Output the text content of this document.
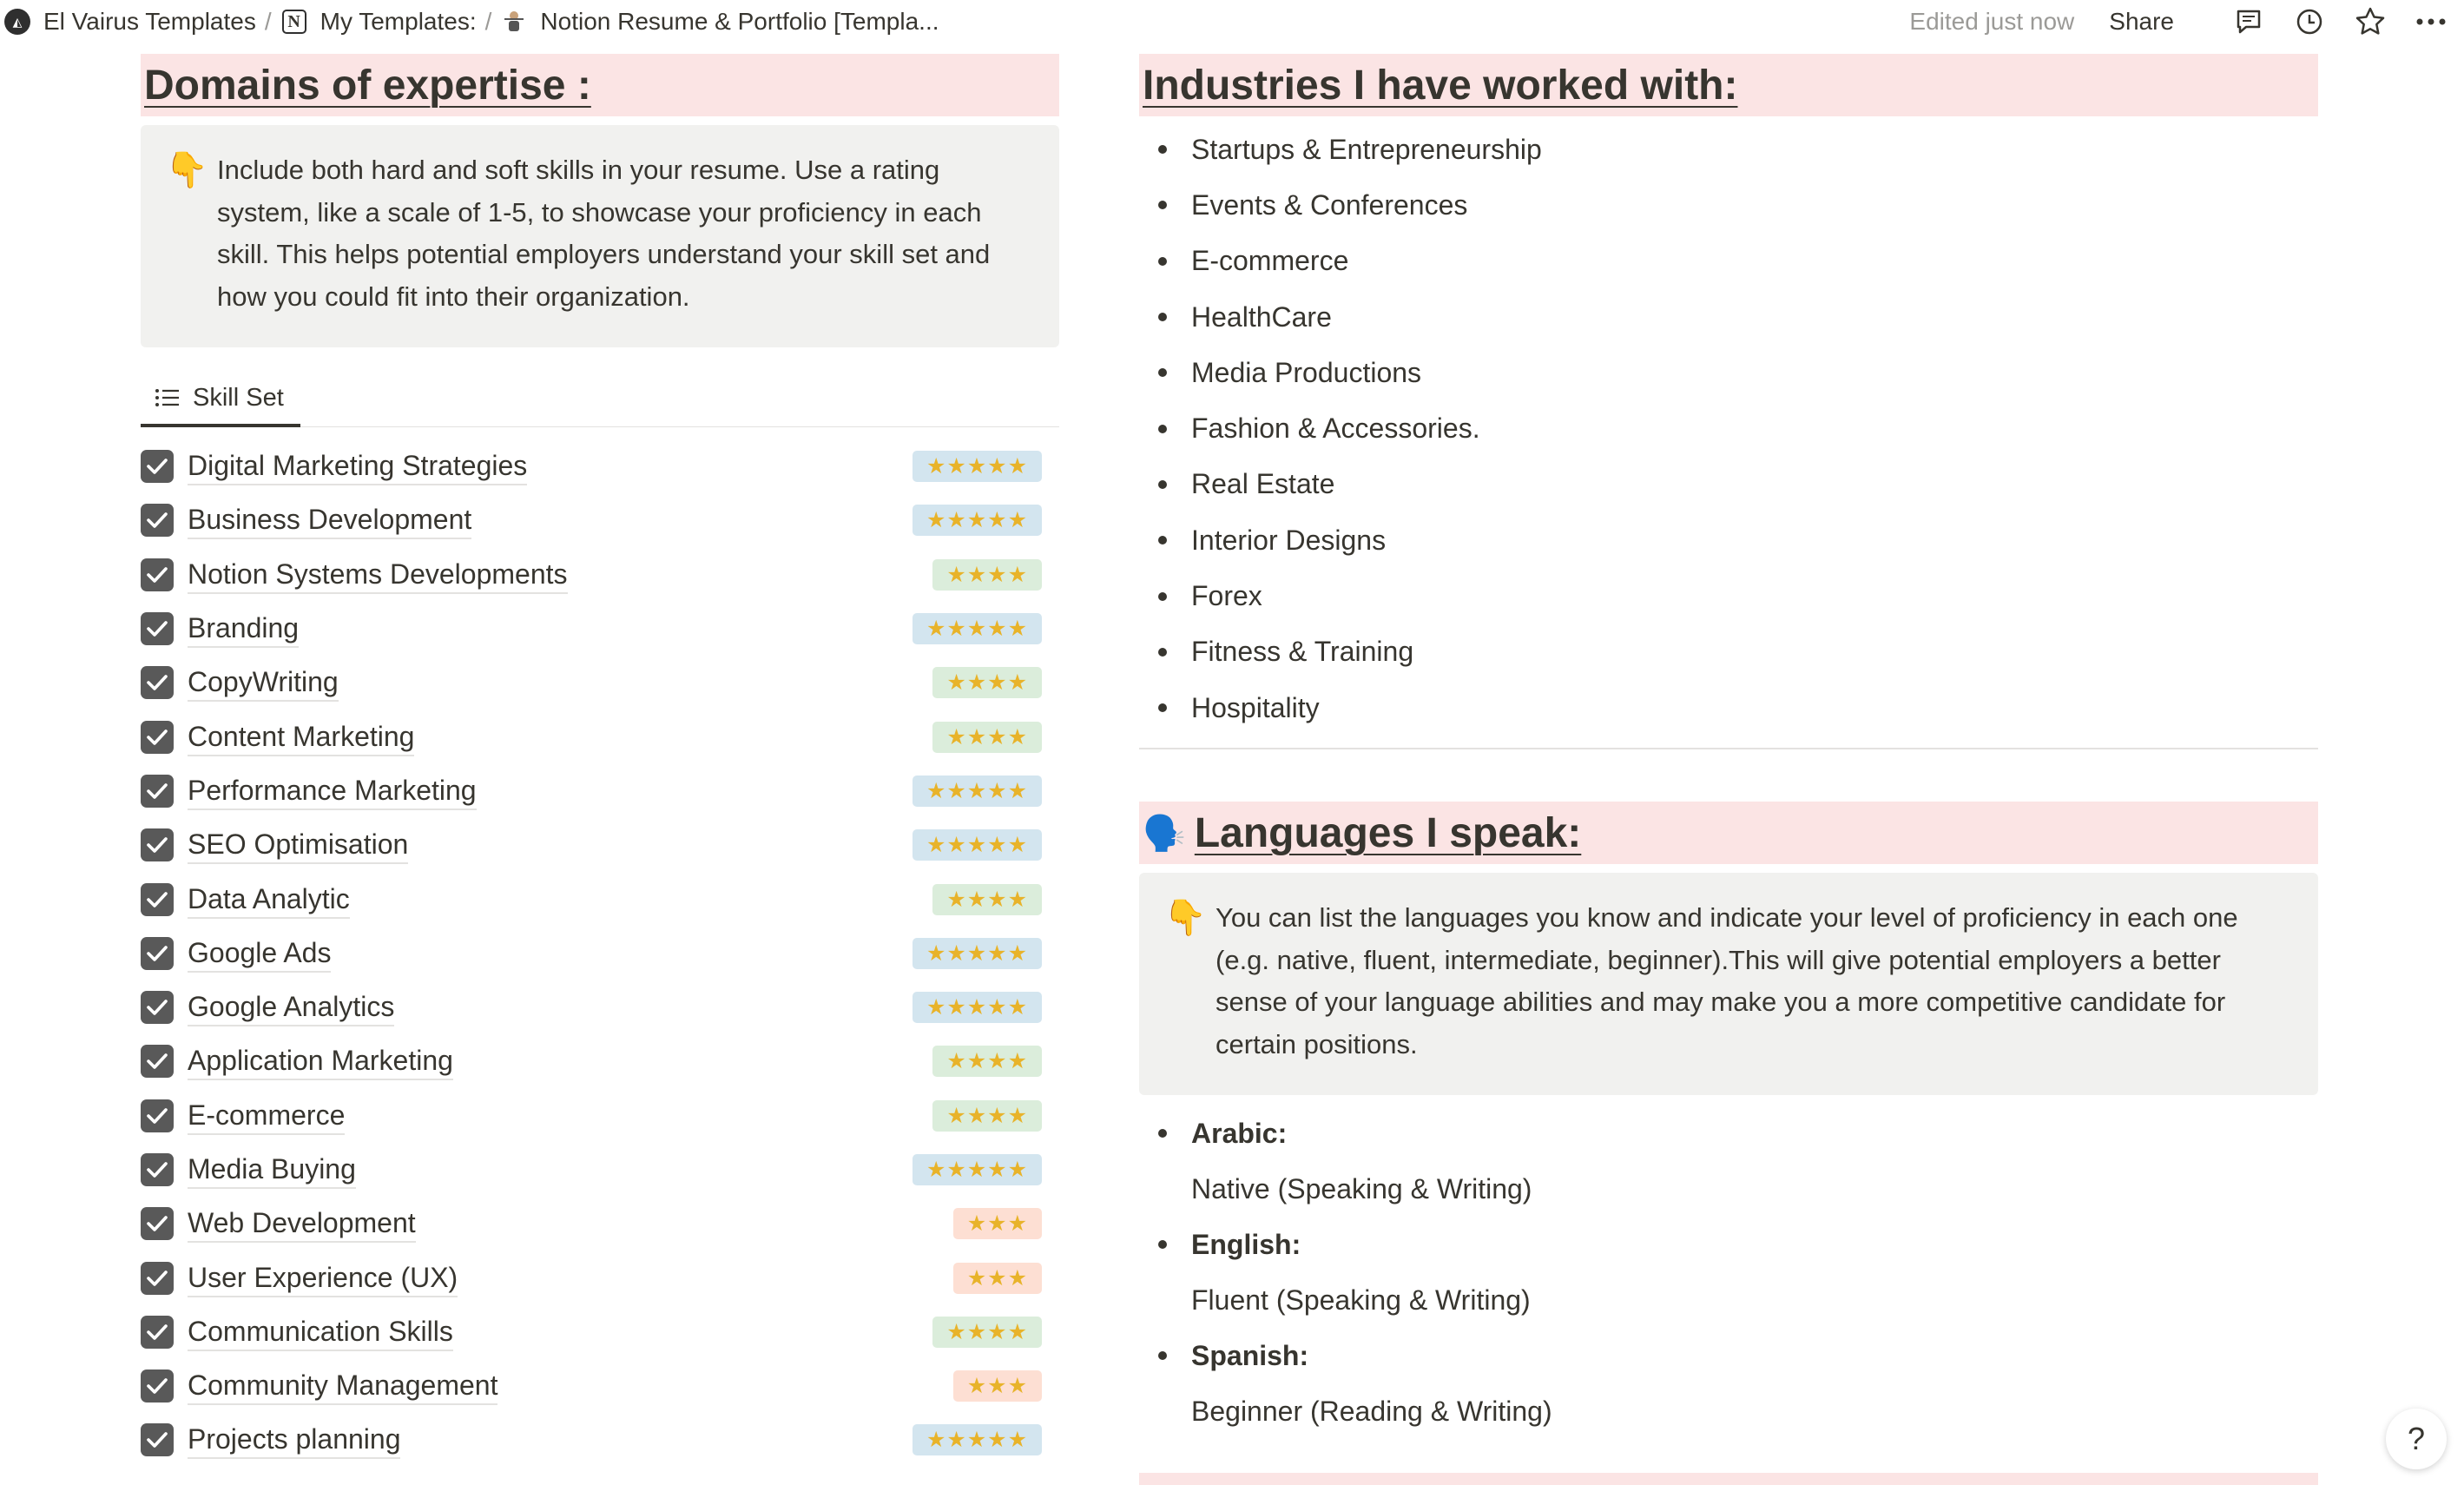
◭ El Vairus Templates / N My Templates: / Notion Resume & Portfolio [Templa...	Edited just now Share
Domains of expertise :
👇 Include both hard and soft skills in your resume. Use a rating system, like a scale of 1-5, to showcase your proficiency in each skill. This helps potential employers understand your skill set and how you could fit into their organization.
Skill Set
Digital Marketing Strategies	★★★★★
Business Development	★★★★★
Notion Systems Developments	★★★★
Branding	★★★★★
CopyWriting	★★★★
Content Marketing	★★★★
Performance Marketing	★★★★★
SEO Optimisation	★★★★★
Data Analytic	★★★★
Google Ads	★★★★★
Google Analytics	★★★★★
Application Marketing	★★★★
E-commerce	★★★★
Media Buying	★★★★★
Web Development	★★★
User Experience (UX)	★★★
Communication Skills	★★★★
Community Management	★★★
Projects planning	★★★★★
Industries I have worked with:
Startups & Entrepreneurship
Events & Conferences
E-commerce
HealthCare
Media Productions
Fashion & Accessories.
Real Estate
Interior Designs
Forex
Fitness & Training
Hospitality
🗣️ Languages I speak:
👇 You can list the languages you know and indicate your level of proficiency in each one (e.g. native, fluent, intermediate, beginner).This will give potential employers a better sense of your language abilities and may make you a more competitive candidate for certain positions.
Arabic:
Native (Speaking & Writing)
English:
Fluent (Speaking & Writing)
Spanish:
Beginner (Reading & Writing)
?
